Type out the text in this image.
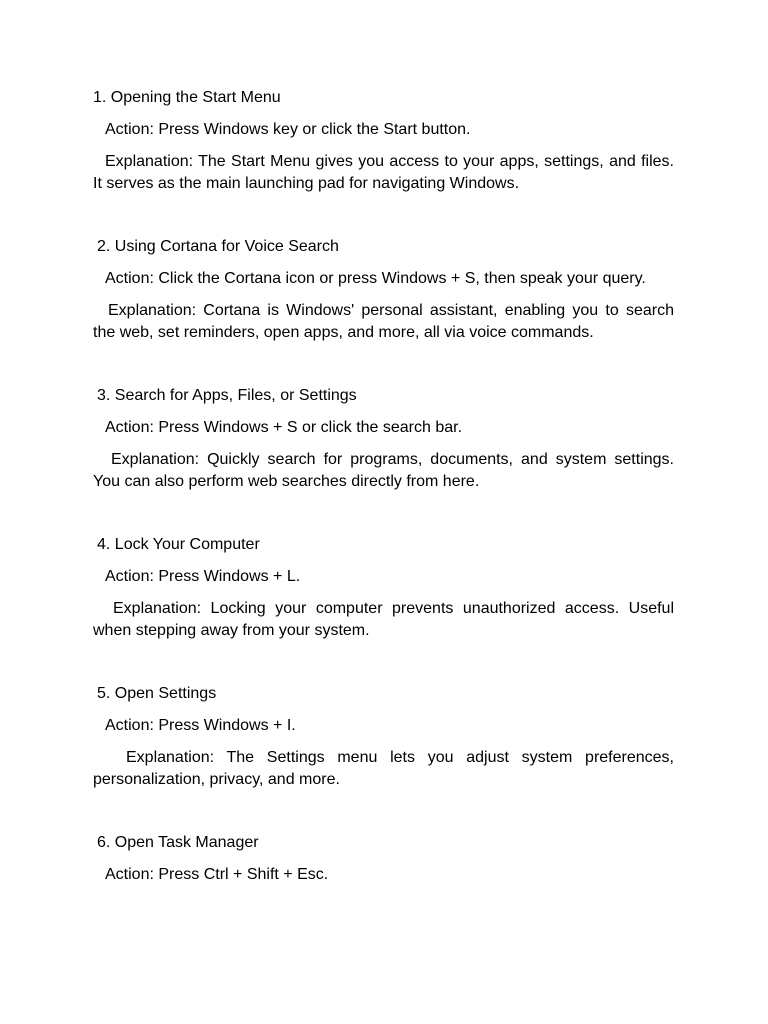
1. Opening the Start Menu
Action: Press Windows key or click the Start button.

Explanation: The Start Menu gives you access to your apps, settings, and files. It serves as the main launching pad for navigating Windows.

2. Using Cortana for Voice Search
Action: Click the Cortana icon or press Windows + S, then speak your query.

Explanation: Cortana is Windows' personal assistant, enabling you to search the web, set reminders, open apps, and more, all via voice commands.

3. Search for Apps, Files, or Settings
Action: Press Windows + S or click the search bar.

Explanation: Quickly search for programs, documents, and system settings. You can also perform web searches directly from here.

4. Lock Your Computer
Action: Press Windows + L.

Explanation: Locking your computer prevents unauthorized access. Useful when stepping away from your system.

5. Open Settings
Action: Press Windows + I.

Explanation: The Settings menu lets you adjust system preferences, personalization, privacy, and more.

6. Open Task Manager
Action: Press Ctrl + Shift + Esc.
